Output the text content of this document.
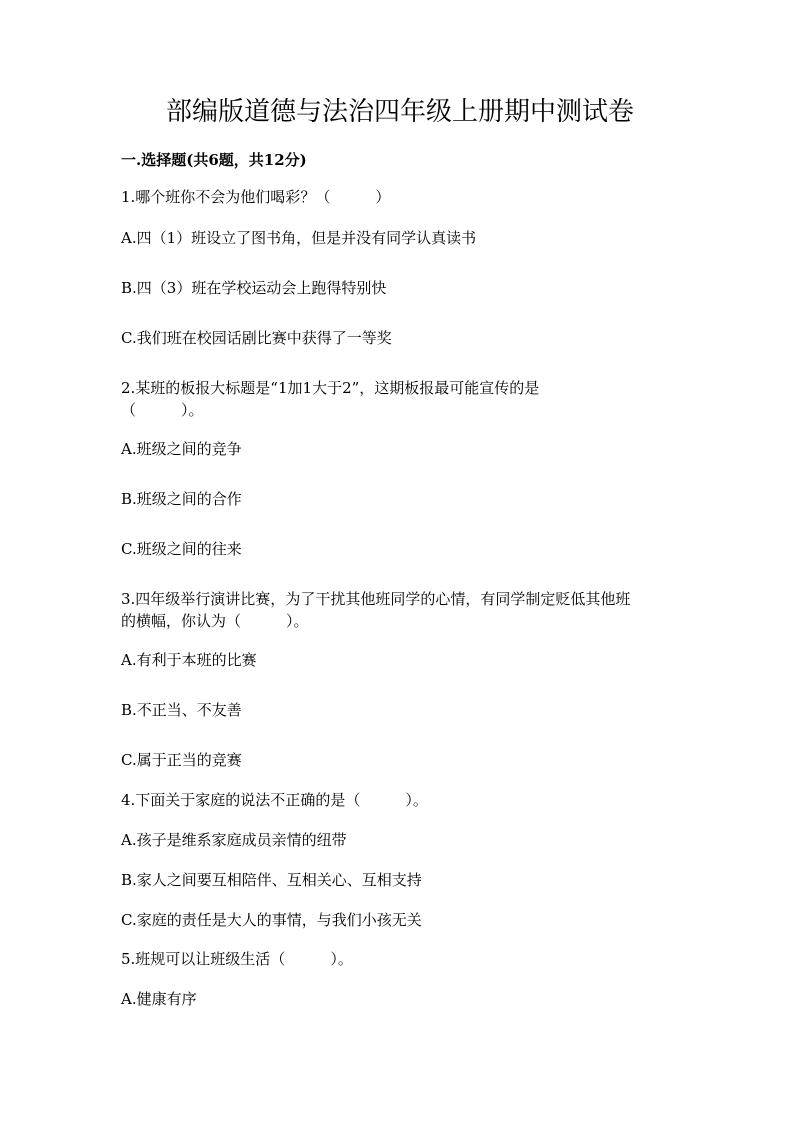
部编版道德与法治四年级上册期中测试卷
一.选择题(共6题，共12分)
1.哪个班你不会为他们喝彩？（　　　）
A.四（1）班设立了图书角，但是并没有同学认真读书
B.四（3）班在学校运动会上跑得特别快
C.我们班在校园话剧比赛中获得了一等奖
2.某班的板报大标题是“1加1大于2”，这期板报最可能宣传的是
（　　　）。
A.班级之间的竞争
B.班级之间的合作
C.班级之间的往来
3.四年级举行演讲比赛，为了干扰其他班同学的心情，有同学制定贬低其他班
的横幅，你认为（　　　）。
A.有利于本班的比赛
B.不正当、不友善
C.属于正当的竞赛
4.下面关于家庭的说法不正确的是（　　　）。
A.孩子是维系家庭成员亲情的纽带
B.家人之间要互相陪伴、互相关心、互相支持
C.家庭的责任是大人的事情，与我们小孩无关
5.班规可以让班级生活（　　　）。
A.健康有序
